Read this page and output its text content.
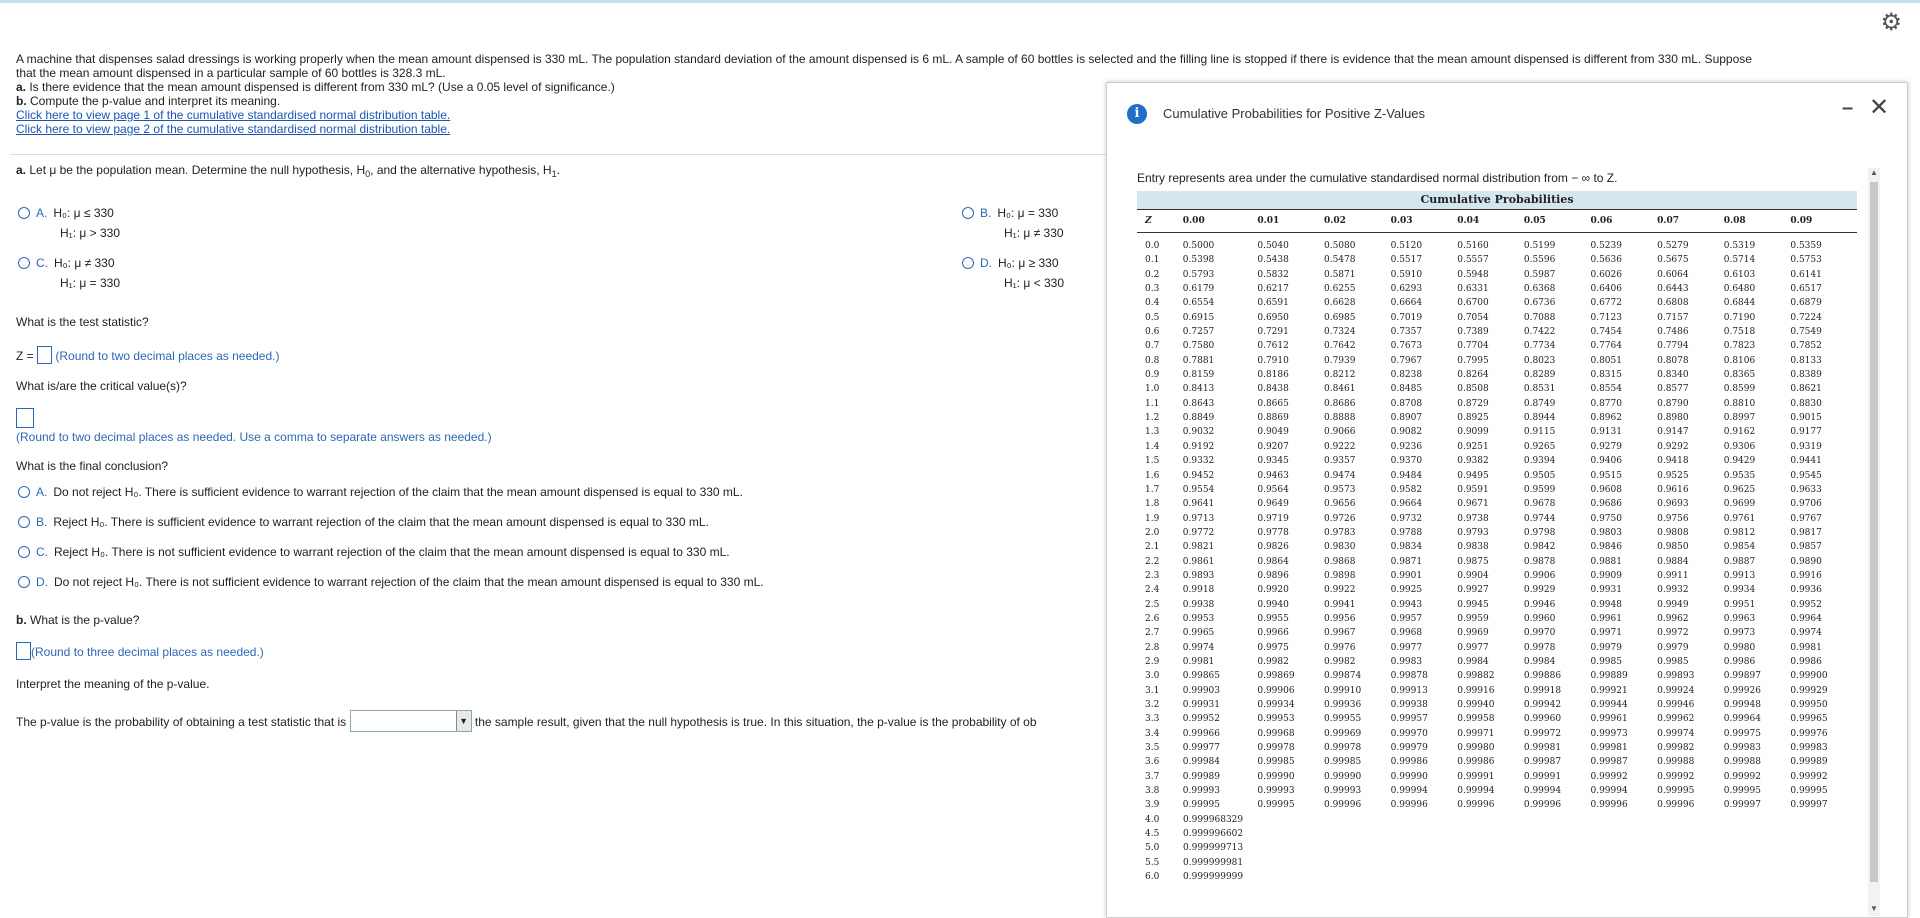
⚙
A machine that dispenses salad dressings is working properly when the mean amount dispensed is 330 mL. The population standard deviation of the amount dispensed is 6 mL. A sample of 60 bottles is selected and the filling line is stopped if there is evidence that the mean amount dispensed is different from 330 mL. Suppose
that the mean amount dispensed in a particular sample of 60 bottles is 328.3 mL.
a. Is there evidence that the mean amount dispensed is different from 330 mL? (Use a 0.05 level of significance.)
b. Compute the p-value and interpret its meaning.
Click here to view page 1 of the cumulative standardised normal distribution table.
Click here to view page 2 of the cumulative standardised normal distribution table.
a. Let μ be the population mean. Determine the null hypothesis, $H_0$, and the alternative hypothesis, $H_1$.
A. H₀: μ ≤ 330
H₁: μ > 330
B. H₀: μ = 330
H₁: μ ≠ 330
C. H₀: μ ≠ 330
H₁: μ = 330
D. H₀: μ ≥ 330
H₁: μ < 330
What is the test statistic?
Z = (Round to two decimal places as needed.)
What is/are the critical value(s)?
(Round to two decimal places as needed. Use a comma to separate answers as needed.)
What is the final conclusion?
A. Do not reject H₀. There is sufficient evidence to warrant rejection of the claim that the mean amount dispensed is equal to 330 mL.
B. Reject H₀. There is sufficient evidence to warrant rejection of the claim that the mean amount dispensed is equal to 330 mL.
C. Reject H₀. There is not sufficient evidence to warrant rejection of the claim that the mean amount dispensed is equal to 330 mL.
D. Do not reject H₀. There is not sufficient evidence to warrant rejection of the claim that the mean amount dispensed is equal to 330 mL.
b. What is the p-value?
(Round to three decimal places as needed.)
Interpret the meaning of the p-value.
The p-value is the probability of obtaining a test statistic that is	▼ the sample result, given that the null hypothesis is true. In this situation, the p-value is the probability of ob
i	Cumulative Probabilities for Positive Z-Values	– ✕
Entry represents area under the cumulative standardised normal distribution from − ∞ to Z.
Cumulative Probabilities
Z	0.00	0.01	0.02	0.03	0.04	0.05	0.06	0.07	0.08	0.09
0.0	0.5000	0.5040	0.5080	0.5120	0.5160	0.5199	0.5239	0.5279	0.5319	0.5359
0.1	0.5398	0.5438	0.5478	0.5517	0.5557	0.5596	0.5636	0.5675	0.5714	0.5753
0.2	0.5793	0.5832	0.5871	0.5910	0.5948	0.5987	0.6026	0.6064	0.6103	0.6141
0.3	0.6179	0.6217	0.6255	0.6293	0.6331	0.6368	0.6406	0.6443	0.6480	0.6517
0.4	0.6554	0.6591	0.6628	0.6664	0.6700	0.6736	0.6772	0.6808	0.6844	0.6879
0.5	0.6915	0.6950	0.6985	0.7019	0.7054	0.7088	0.7123	0.7157	0.7190	0.7224
0.6	0.7257	0.7291	0.7324	0.7357	0.7389	0.7422	0.7454	0.7486	0.7518	0.7549
0.7	0.7580	0.7612	0.7642	0.7673	0.7704	0.7734	0.7764	0.7794	0.7823	0.7852
0.8	0.7881	0.7910	0.7939	0.7967	0.7995	0.8023	0.8051	0.8078	0.8106	0.8133
0.9	0.8159	0.8186	0.8212	0.8238	0.8264	0.8289	0.8315	0.8340	0.8365	0.8389
1.0	0.8413	0.8438	0.8461	0.8485	0.8508	0.8531	0.8554	0.8577	0.8599	0.8621
1.1	0.8643	0.8665	0.8686	0.8708	0.8729	0.8749	0.8770	0.8790	0.8810	0.8830
1.2	0.8849	0.8869	0.8888	0.8907	0.8925	0.8944	0.8962	0.8980	0.8997	0.9015
1.3	0.9032	0.9049	0.9066	0.9082	0.9099	0.9115	0.9131	0.9147	0.9162	0.9177
1.4	0.9192	0.9207	0.9222	0.9236	0.9251	0.9265	0.9279	0.9292	0.9306	0.9319
1.5	0.9332	0.9345	0.9357	0.9370	0.9382	0.9394	0.9406	0.9418	0.9429	0.9441
1.6	0.9452	0.9463	0.9474	0.9484	0.9495	0.9505	0.9515	0.9525	0.9535	0.9545
1.7	0.9554	0.9564	0.9573	0.9582	0.9591	0.9599	0.9608	0.9616	0.9625	0.9633
1.8	0.9641	0.9649	0.9656	0.9664	0.9671	0.9678	0.9686	0.9693	0.9699	0.9706
1.9	0.9713	0.9719	0.9726	0.9732	0.9738	0.9744	0.9750	0.9756	0.9761	0.9767
2.0	0.9772	0.9778	0.9783	0.9788	0.9793	0.9798	0.9803	0.9808	0.9812	0.9817
2.1	0.9821	0.9826	0.9830	0.9834	0.9838	0.9842	0.9846	0.9850	0.9854	0.9857
2.2	0.9861	0.9864	0.9868	0.9871	0.9875	0.9878	0.9881	0.9884	0.9887	0.9890
2.3	0.9893	0.9896	0.9898	0.9901	0.9904	0.9906	0.9909	0.9911	0.9913	0.9916
2.4	0.9918	0.9920	0.9922	0.9925	0.9927	0.9929	0.9931	0.9932	0.9934	0.9936
2.5	0.9938	0.9940	0.9941	0.9943	0.9945	0.9946	0.9948	0.9949	0.9951	0.9952
2.6	0.9953	0.9955	0.9956	0.9957	0.9959	0.9960	0.9961	0.9962	0.9963	0.9964
2.7	0.9965	0.9966	0.9967	0.9968	0.9969	0.9970	0.9971	0.9972	0.9973	0.9974
2.8	0.9974	0.9975	0.9976	0.9977	0.9977	0.9978	0.9979	0.9979	0.9980	0.9981
2.9	0.9981	0.9982	0.9982	0.9983	0.9984	0.9984	0.9985	0.9985	0.9986	0.9986
3.0	0.99865	0.99869	0.99874	0.99878	0.99882	0.99886	0.99889	0.99893	0.99897	0.99900
3.1	0.99903	0.99906	0.99910	0.99913	0.99916	0.99918	0.99921	0.99924	0.99926	0.99929
3.2	0.99931	0.99934	0.99936	0.99938	0.99940	0.99942	0.99944	0.99946	0.99948	0.99950
3.3	0.99952	0.99953	0.99955	0.99957	0.99958	0.99960	0.99961	0.99962	0.99964	0.99965
3.4	0.99966	0.99968	0.99969	0.99970	0.99971	0.99972	0.99973	0.99974	0.99975	0.99976
3.5	0.99977	0.99978	0.99978	0.99979	0.99980	0.99981	0.99981	0.99982	0.99983	0.99983
3.6	0.99984	0.99985	0.99985	0.99986	0.99986	0.99987	0.99987	0.99988	0.99988	0.99989
3.7	0.99989	0.99990	0.99990	0.99990	0.99991	0.99991	0.99992	0.99992	0.99992	0.99992
3.8	0.99993	0.99993	0.99993	0.99994	0.99994	0.99994	0.99994	0.99995	0.99995	0.99995
3.9	0.99995	0.99995	0.99996	0.99996	0.99996	0.99996	0.99996	0.99996	0.99997	0.99997
4.0	0.999968329
4.5	0.999996602
5.0	0.999999713
5.5	0.999999981
6.0	0.999999999
▲
▼
